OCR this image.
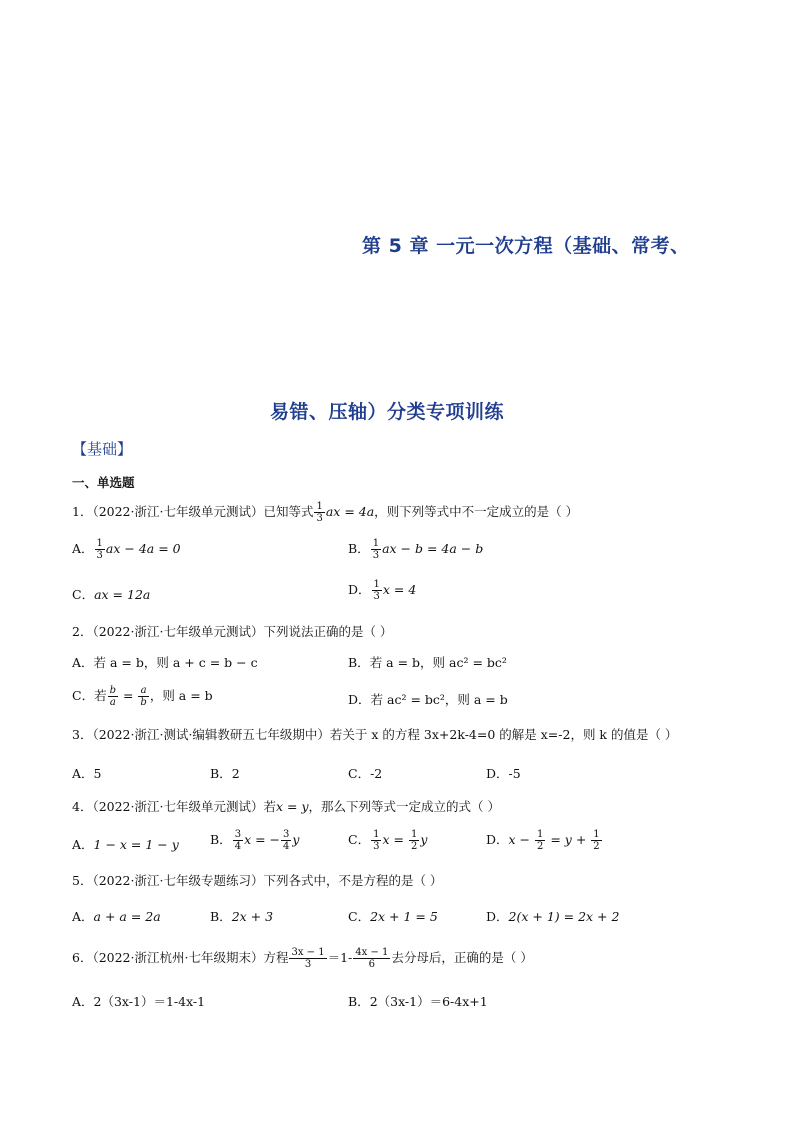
第 5 章 一元一次方程（基础、常考、
易错、压轴）分类专项训练
【基础】
一、单选题
1．（2022·浙江·七年级单元测试）已知等式 $\frac{1}{3}$ ax = 4a，则下列等式中不一定成立的是（ ）
A． $\frac{1}{3}$ ax − 4a = 0	B． $\frac{1}{3}$ ax − b = 4a − b
C．ax = 12a	D． $\frac{1}{3}$ x = 4
2．（2022·浙江·七年级单元测试）下列说法正确的是（ ）
A．若 a = b，则 a + c = b − c	B．若 a = b，则 ac² = bc²
C．若 $\frac{b}{a} = \frac{a}{b}$ ，则 a = b	D．若 ac² = bc²，则 a = b
3．（2022·浙江·测试·编辑教研五七年级期中）若关于 x 的方程 3x+2k-4=0 的解是 x=-2，则 k 的值是（ ）
A．5	B．2	C．-2	D．-5
4．（2022·浙江·七年级单元测试）若x = y，那么下列等式一定成立的式（ ）
A．1 − x = 1 − y B． $\frac{3}{4}$ x = − $\frac{3}{4}$ y	C． $\frac{1}{3}$ $x = \frac{1}{2}$ y	D．$x - \frac{1}{2} = y + \frac{1}{2}$
5．（2022·浙江·七年级专题练习）下列各式中，不是方程的是（ ）
A．a + a = 2a	B．2x + 3	C．2x + 1 = 5	D．2(x + 1) = 2x + 2
6．（2022·浙江杭州·七年级期末）方程 $\frac{3x - 1}{3} =1- \frac{4x - 1}{6}$ 去分母后，正确的是（ ）
A．2（3x-1）＝1-4x-1	B．2（3x-1）＝6-4x+1
